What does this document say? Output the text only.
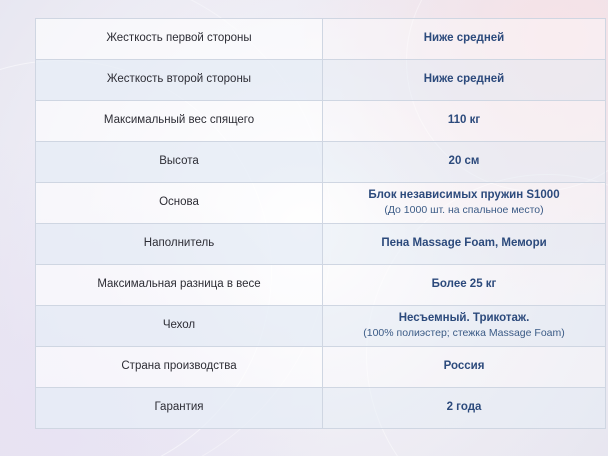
Жесткость первой стороны	Ниже средней
Жесткость второй стороны	Ниже средней
Максимальный вес спящего	110 кг
Высота	20 см
Основа	Блок независимых пружин S1000
(До 1000 шт. на спальное место)

Наполнитель	Пена Massage Foam, Мемори
Максимальная разница в весе	Более 25 кг
Чехол	Несъемный. Трикотаж.
(100% полиэстер; стежка Massage Foam)

Страна производства	Россия
Гарантия	2 года
